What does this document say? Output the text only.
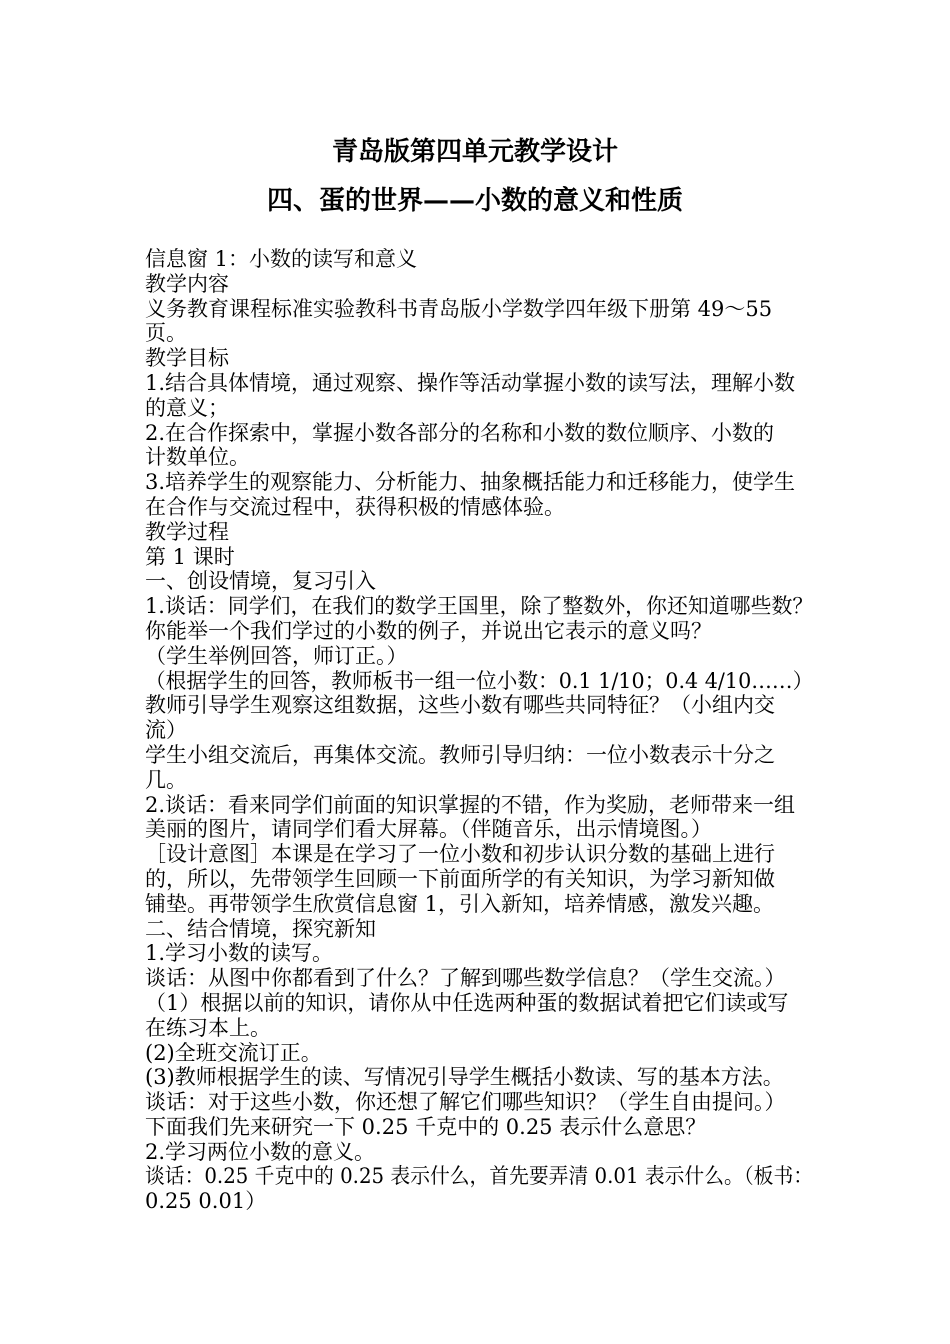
青岛版第四单元教学设计
四、蛋的世界——小数的意义和性质

信息窗 1：小数的读写和意义

教学内容

义务教育课程标准实验教科书青岛版小学数学四年级下册第 49～55

页。

教学目标

1.结合具体情境，通过观察、操作等活动掌握小数的读写法，理解小数

的意义；

2.在合作探索中，掌握小数各部分的名称和小数的数位顺序、小数的

计数单位。

3.培养学生的观察能力、分析能力、抽象概括能力和迁移能力，使学生

在合作与交流过程中，获得积极的情感体验。

教学过程

第 1 课时

一、创设情境，复习引入

1.谈话：同学们，在我们的数学王国里，除了整数外，你还知道哪些数？

你能举一个我们学过的小数的例子，并说出它表示的意义吗？

（学生举例回答，师订正。）

（根据学生的回答，教师板书一组一位小数：0.1 1/10；0.4 4/10……）

教师引导学生观察这组数据，这些小数有哪些共同特征？（小组内交

流）

学生小组交流后，再集体交流。教师引导归纳：一位小数表示十分之

几。

2.谈话：看来同学们前面的知识掌握的不错，作为奖励，老师带来一组

美丽的图片，请同学们看大屏幕。（伴随音乐，出示情境图。）

［设计意图］本课是在学习了一位小数和初步认识分数的基础上进行

的，所以，先带领学生回顾一下前面所学的有关知识，为学习新知做

铺垫。再带领学生欣赏信息窗 1，引入新知，培养情感，激发兴趣。

二、结合情境，探究新知

1.学习小数的读写。

谈话：从图中你都看到了什么？了解到哪些数学信息？（学生交流。）

（1）根据以前的知识，请你从中任选两种蛋的数据试着把它们读或写

在练习本上。

(2)全班交流订正。

(3)教师根据学生的读、写情况引导学生概括小数读、写的基本方法。

谈话：对于这些小数，你还想了解它们哪些知识？（学生自由提问。）

下面我们先来研究一下 0.25 千克中的 0.25 表示什么意思？

2.学习两位小数的意义。

谈话：0.25 千克中的 0.25 表示什么，首先要弄清 0.01 表示什么。（板书：

0.25 0.01）
